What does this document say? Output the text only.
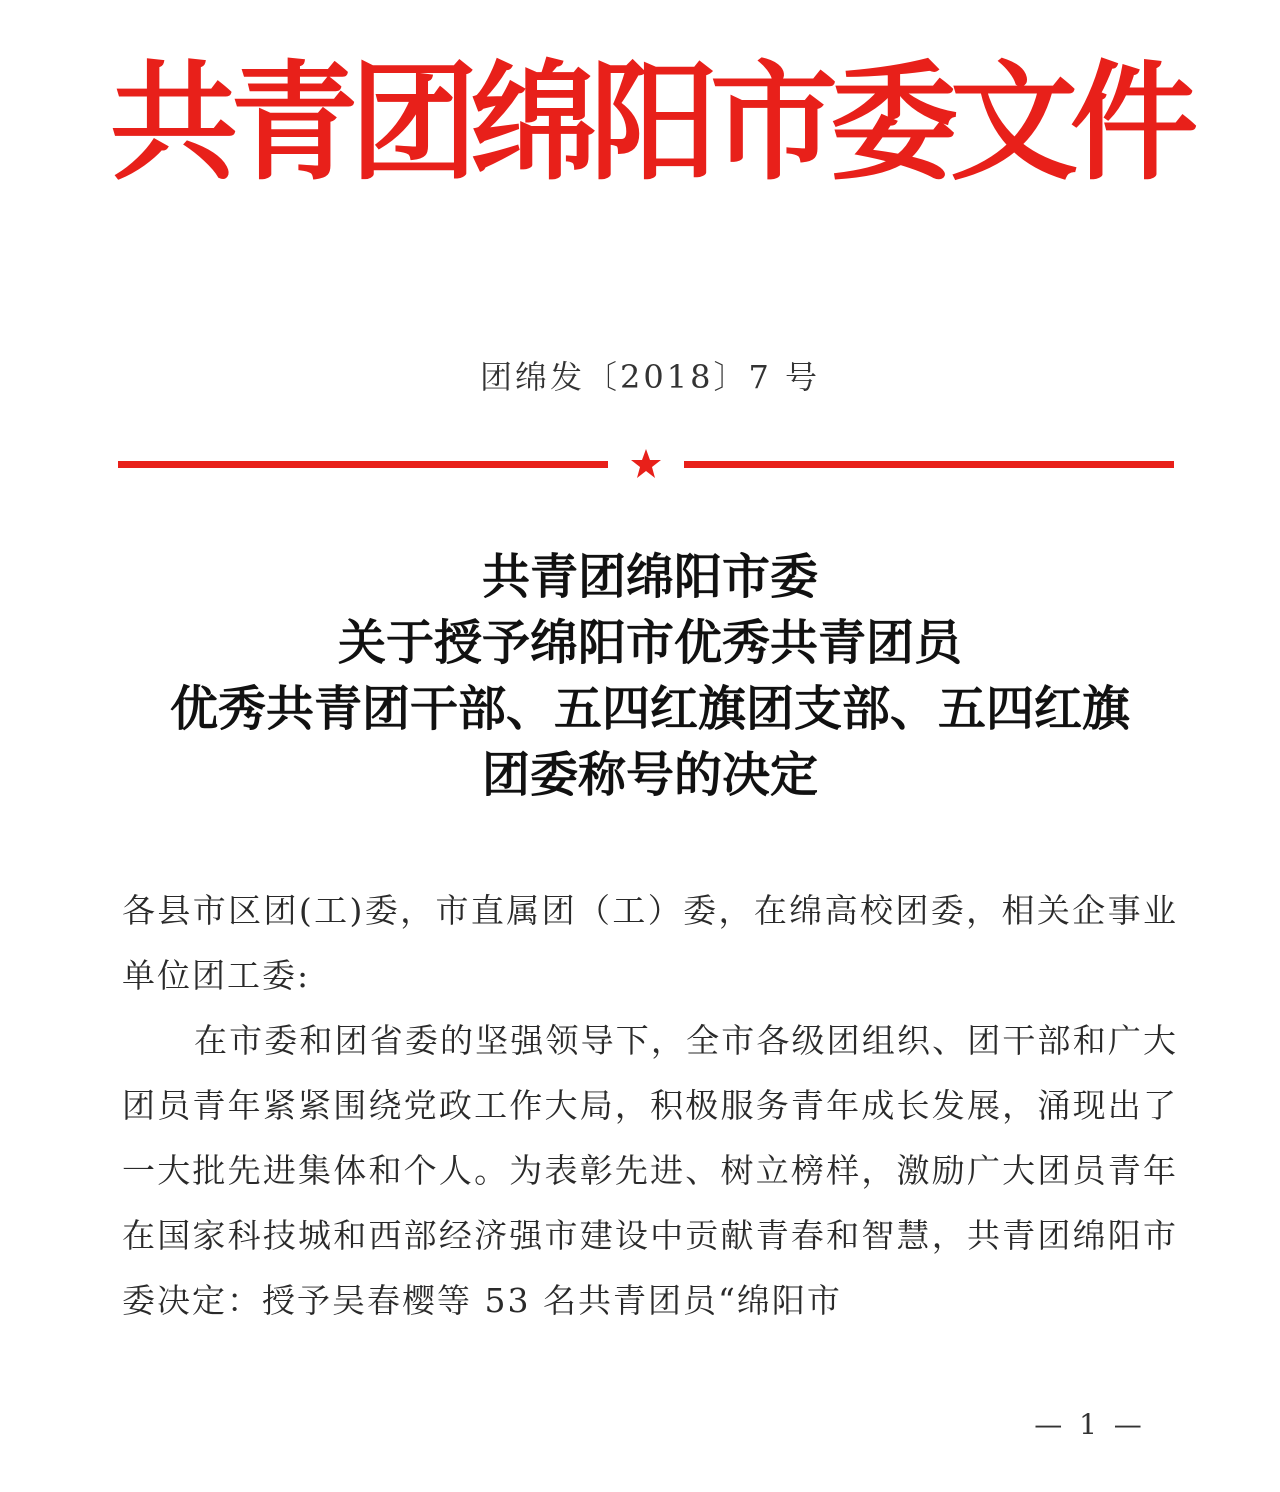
共
青
团
绵
阳
市
委
文
件
团绵发〔2018〕7 号
共青团绵阳市委
关于授予绵阳市优秀共青团员
优秀共青团干部、五四红旗团支部、五四红旗
团委称号的决定

各县市区团(工)委，市直属团（工）委，在绵高校团委，相关企事业单位团工委:

在市委和团省委的坚强领导下，全市各级团组织、团干部和广大团员青年紧紧围绕党政工作大局，积极服务青年成长发展，涌现出了一大批先进集体和个人。为表彰先进、树立榜样，激励广大团员青年在国家科技城和西部经济强市建设中贡献青春和智慧，共青团绵阳市委决定：授予吴春樱等 53 名共青团员“绵阳市

— 1 —
